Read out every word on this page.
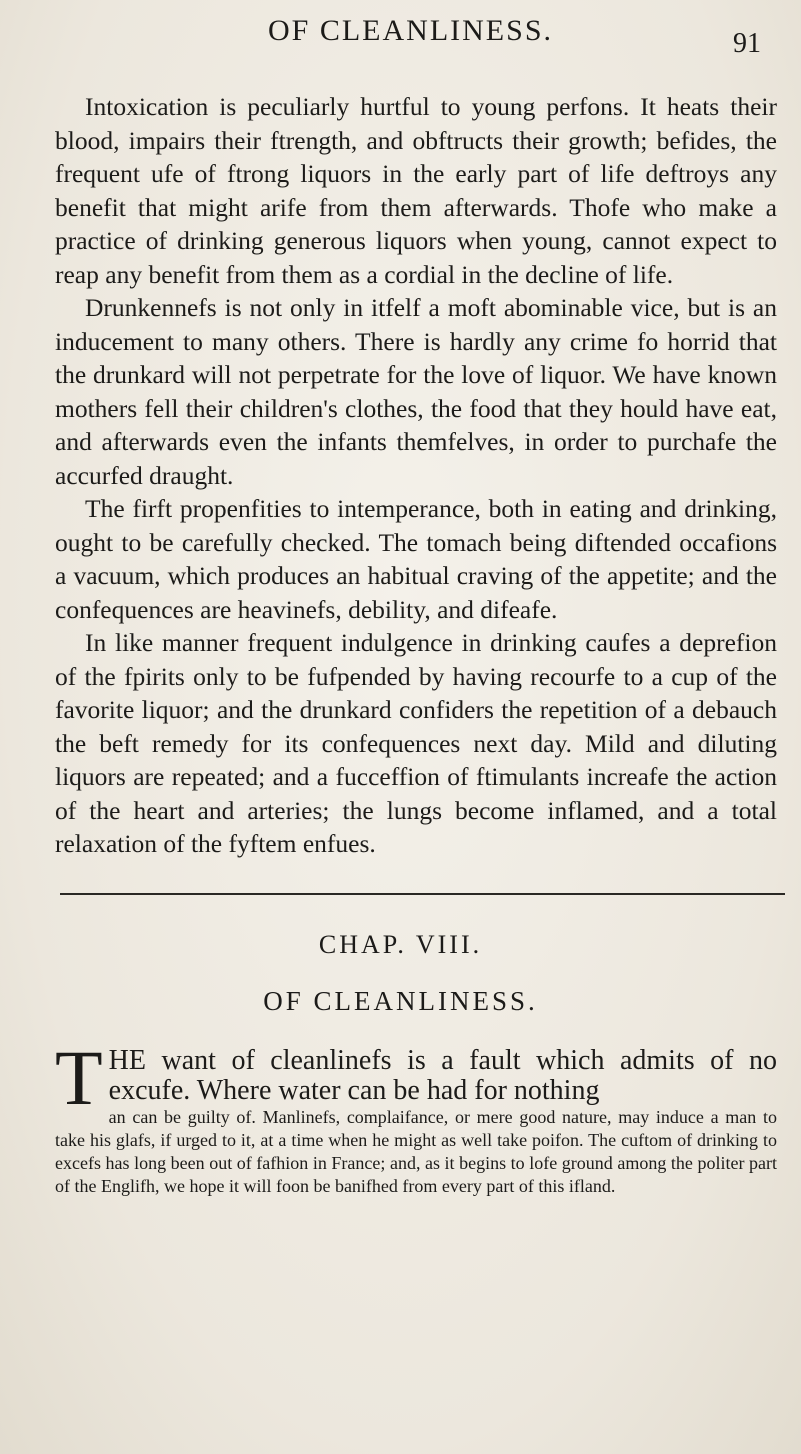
OF CLEANLINESS.	91

Intoxication is peculiarly hurtful to young perfons. It heats their blood, impairs their ftrength, and obftructs their growth; befides, the frequent ufe of ftrong liquors in the early part of life deftroys any benefit that might arife from them afterwards. Thofe who make a practice of drinking generous liquors when young, cannot expect to reap any benefit from them as a cordial in the decline of life.

Drunkennefs is not only in itfelf a moft abominable vice, but is an inducement to many others. There is hardly any crime fo horrid that the drunkard will not perpetrate for the love of liquor. We have known mothers fell their children's clothes, the food that they hould have eat, and afterwards even the infants themfelves, in order to purchafe the accurfed draught.

The firft propenfities to intemperance, both in eating and drinking, ought to be carefully checked. The tomach being diftended occafions a vacuum, which produces an habitual craving of the appetite; and the confequences are heavinefs, debility, and difeafe.

In like manner frequent indulgence in drinking caufes a deprefion of the fpirits only to be fufpended by having recourfe to a cup of the favorite liquor; and the drunkard confiders the repetition of a debauch the beft remedy for its confequences next day. Mild and diluting liquors are repeated; and a fucceffion of ftimulants increafe the action of the heart and arteries; the lungs become inflamed, and a total relaxation of the fyftem enfues.

CHAP. VIII.
OF CLEANLINESS.
T HE want of cleanlinefs is a fault which admits of no excufe. Where water can be had for nothing
an can be guilty of. Manlinefs, complaifance, or mere good nature, may induce a man to take his glafs, if urged to it, at a time when he might as well take poifon. The cuftom of drinking to excefs has long been out of fafhion in France; and, as it begins to lofe ground among the politer part of the Englifh, we hope it will foon be banifhed from every part of this ifland.
